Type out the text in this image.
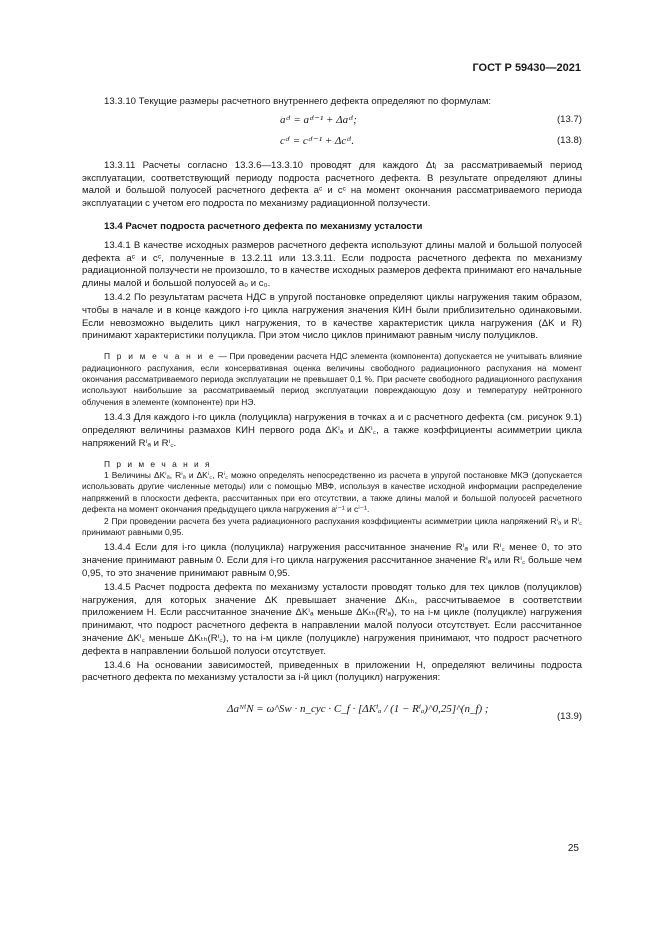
ГОСТ Р 59430—2021

13.3.10 Текущие размеры расчетного внутреннего дефекта определяют по формулам:

aᶜⁱ = aᶜⁱ⁻¹ + Δaᶜⁱ;	(13.7)
cᶜⁱ = cᶜⁱ⁻¹ + Δcᶜⁱ.	(13.8)

13.3.11 Расчеты согласно 13.3.6—13.3.10 проводят для каждого Δtⱼ за рассматриваемый период эксплуатации, соответствующий периоду подроста расчетного дефекта. В результате определяют длины малой и большой полуосей расчетного дефекта aᶜ и cᶜ на момент окончания рассматриваемого периода эксплуатации с учетом его подроста по механизму радиационной ползучести.

13.4 Расчет подроста расчетного дефекта по механизму усталости

13.4.1 В качестве исходных размеров расчетного дефекта используют длины малой и большой полуосей дефекта aᶜ и cᶜ, полученные в 13.2.11 или 13.3.11. Если подроста расчетного дефекта по механизму радиационной ползучести не произошло, то в качестве исходных размеров дефекта принимают его начальные длины малой и большой полуосей a₀ и c₀.

13.4.2 По результатам расчета НДС в упругой постановке определяют циклы нагружения таким образом, чтобы в начале и в конце каждого i-го цикла нагружения значения КИН были приблизительно одинаковыми. Если невозможно выделить цикл нагружения, то в качестве характеристик цикла нагружения (ΔK и R) принимают характеристики полуцикла. При этом число циклов принимают равным числу полуциклов.

П р и м е ч а н и е — При проведении расчета НДС элемента (компонента) допускается не учитывать влияние радиационного распухания, если консервативная оценка величины свободного радиационного распухания на момент окончания рассматриваемого периода эксплуатации не превышает 0,1 %. При расчете свободного радиационного распухания используют наибольшие за рассматриваемый период эксплуатации повреждающую дозу и температуру нейтронного облучения в элементе (компоненте) при НЭ.

13.4.3 Для каждого i-го цикла (полуцикла) нагружения в точках a и c расчетного дефекта (см. рисунок 9.1) определяют величины размахов КИН первого рода ΔKⁱₐ и ΔKⁱ꜀, а также коэффициенты асимметрии цикла напряжений Rⁱₐ и Rⁱ꜀.

П р и м е ч а н и я
1 Величины ΔKⁱₐ, Rⁱₐ и ΔKⁱ꜀, Rⁱ꜀ можно определять непосредственно из расчета в упругой постановке МКЭ (допускается использовать другие численные методы) или с помощью МВФ, используя в качестве исходной информации распределение напряжений в плоскости дефекта, рассчитанных при его отсутствии, а также длины малой и большой полуосей расчетного дефекта на момент окончания предыдущего цикла нагружения aⁱ⁻¹ и cⁱ⁻¹.
2 При проведении расчета без учета радиационного распухания коэффициенты асимметрии цикла напряжений Rⁱₐ и Rⁱ꜀ принимают равными 0,95.

13.4.4 Если для i-го цикла (полуцикла) нагружения рассчитанное значение Rⁱₐ или Rⁱ꜀ менее 0, то это значение принимают равным 0. Если для i-го цикла нагружения рассчитанное значение Rⁱₐ или Rⁱ꜀ больше чем 0,95, то это значение принимают равным 0,95.

13.4.5 Расчет подроста дефекта по механизму усталости проводят только для тех циклов (полуциклов) нагружения, для которых значение ΔK превышает значение ΔKₜₕ, рассчитываемое в соответствии приложением Н. Если рассчитанное значение ΔKⁱₐ меньше ΔKₜₕ(Rⁱₐ), то на i-м цикле (полуцикле) нагружения принимают, что подрост расчетного дефекта в направлении малой полуоси отсутствует. Если рассчитанное значение ΔKⁱ꜀ меньше ΔKₜₕ(Rⁱ꜀), то на i-м цикле (полуцикле) нагружения принимают, что подрост расчетного дефекта в направлении большой полуоси отсутствует.

13.4.6 На основании зависимостей, приведенных в приложении Н, определяют величины подроста расчетного дефекта по механизму усталости за i-й цикл (полуцикл) нагружения:

ΔaᴺⁱN = ω^Sw · n_cyc · C_f · [ΔKⁱₐ / (1 − Rⁱₐ)^0,25]^(n_f) ;
(13.9)
25
